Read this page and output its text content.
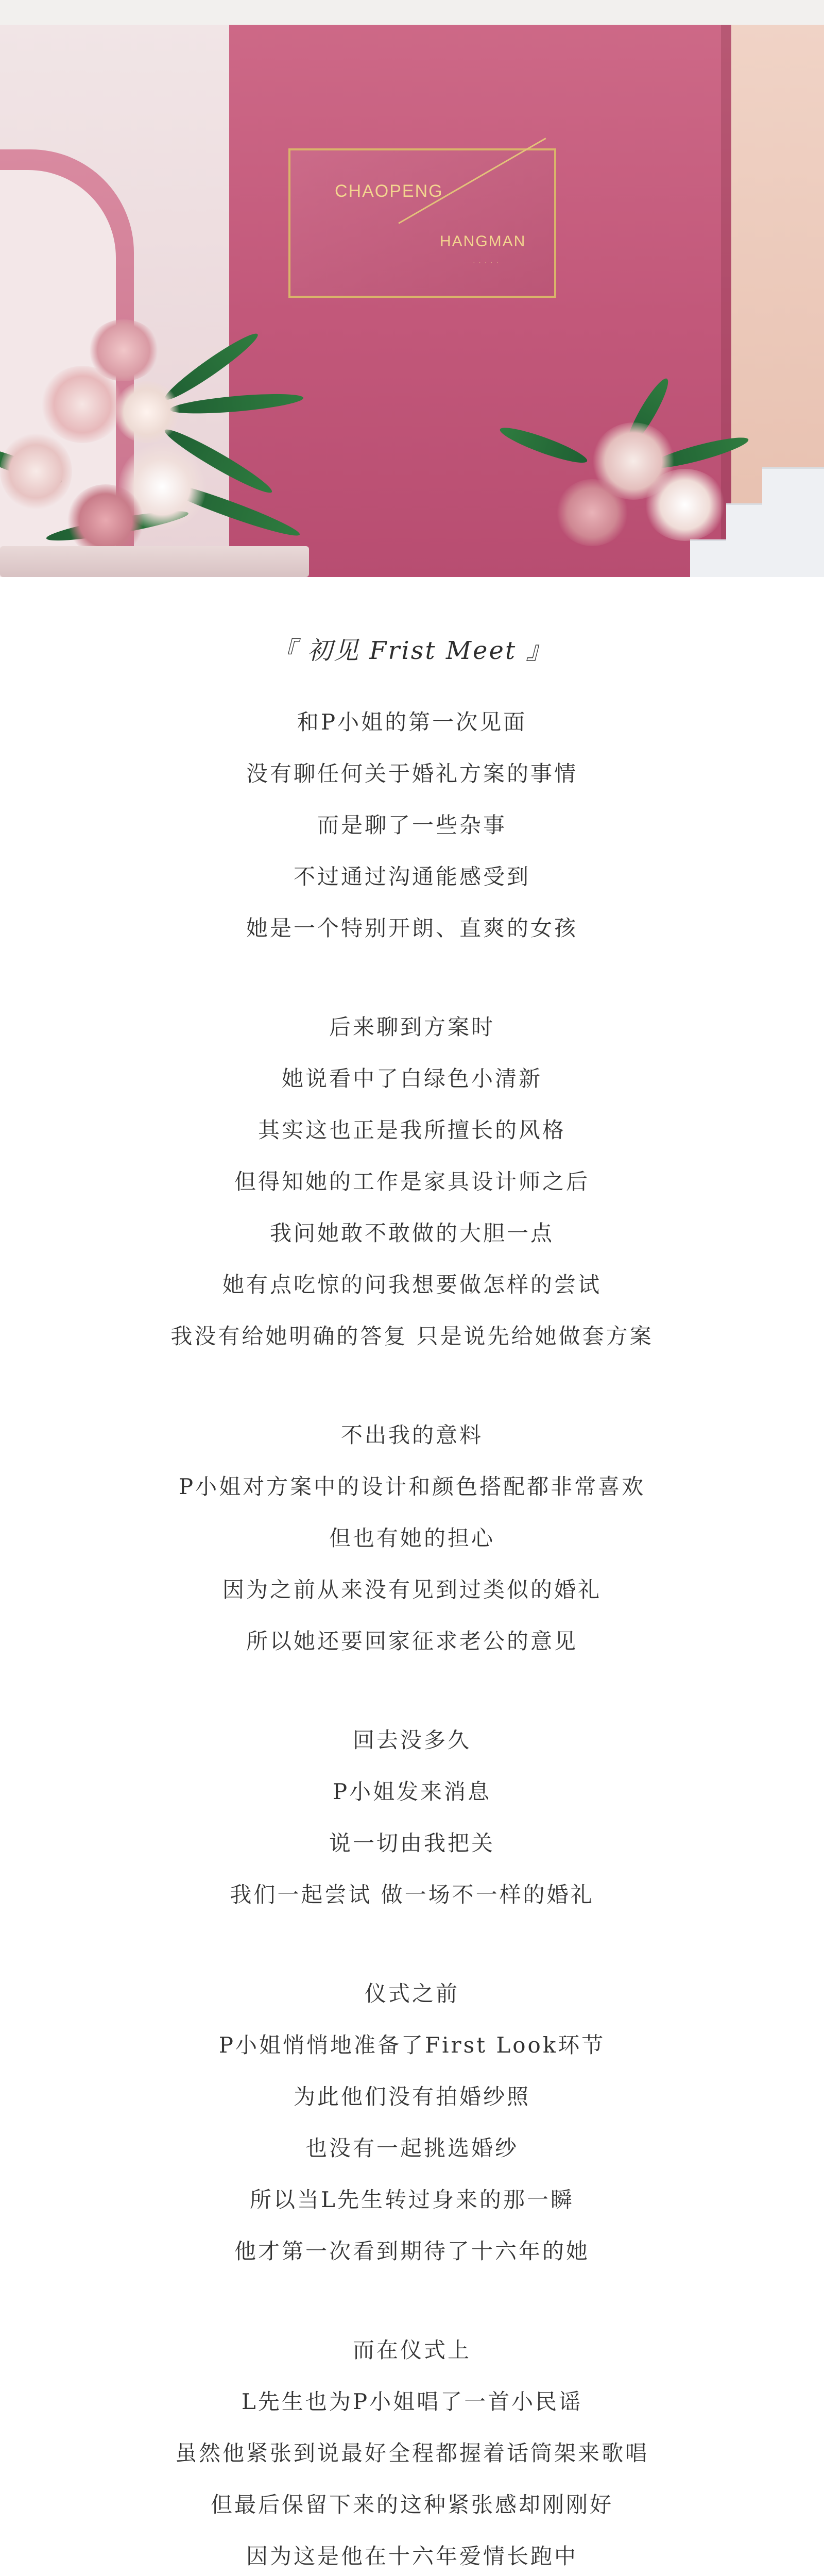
CHAOPENG
HANGMAN
· · · · ·
『 初见 Frist Meet 』
和P小姐的第一次见面
没有聊任何关于婚礼方案的事情
而是聊了一些杂事
不过通过沟通能感受到
她是一个特别开朗、直爽的女孩
后来聊到方案时
她说看中了白绿色小清新
其实这也正是我所擅长的风格
但得知她的工作是家具设计师之后
我问她敢不敢做的大胆一点
她有点吃惊的问我想要做怎样的尝试
我没有给她明确的答复 只是说先给她做套方案
不出我的意料
P小姐对方案中的设计和颜色搭配都非常喜欢
但也有她的担心
因为之前从来没有见到过类似的婚礼
所以她还要回家征求老公的意见
回去没多久
P小姐发来消息
说一切由我把关
我们一起尝试 做一场不一样的婚礼
仪式之前
P小姐悄悄地准备了First Look环节
为此他们没有拍婚纱照
也没有一起挑选婚纱
所以当L先生转过身来的那一瞬
他才第一次看到期待了十六年的她
而在仪式上
L先生也为P小姐唱了一首小民谣
虽然他紧张到说最好全程都握着话筒架来歌唱
但最后保留下来的这种紧张感却刚刚好
因为这是他在十六年爱情长跑中
